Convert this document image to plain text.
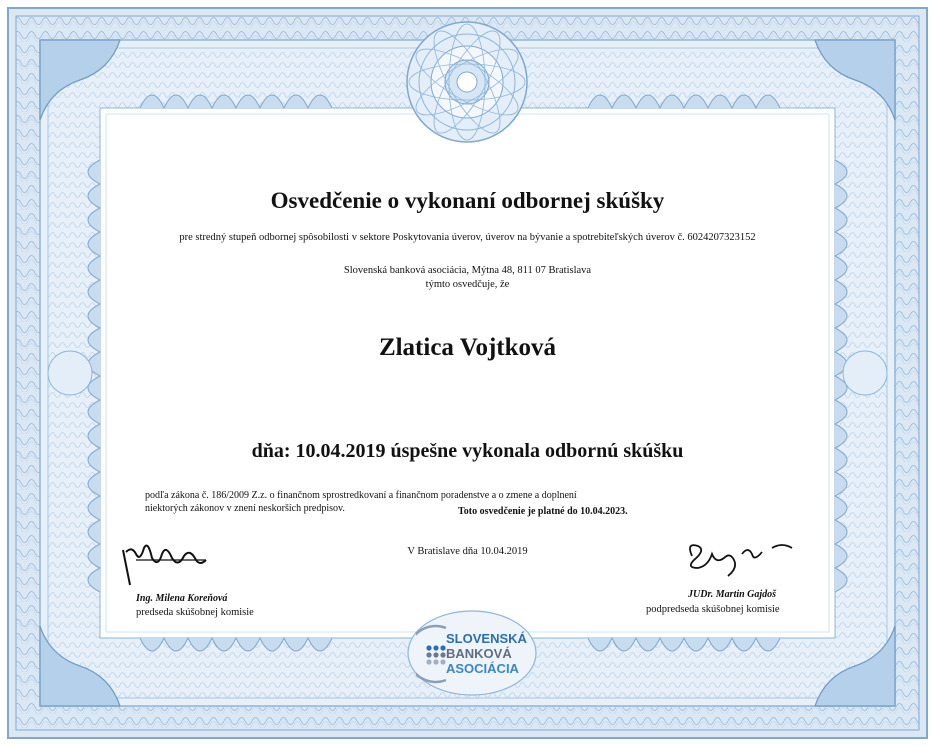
Osvedčenie o vykonaní odbornej skúšky
pre stredný stupeň odbornej spôsobilosti v sektore Poskytovania úverov, úverov na bývanie a spotrebiteľských úverov č. 6024207323152
Slovenská banková asociácia, Mýtna 48, 811 07 Bratislava
týmto osvedčuje, že
Zlatica Vojtková
dňa: 10.04.2019 úspešne vykonala odbornú skúšku
podľa zákona č. 186/2009 Z.z. o finančnom sprostredkovaní a finančnom poradenstve a o zmene a doplnení
niektorých zákonov v znení neskorších predpisov.	Toto osvedčenie je platné do 10.04.2023.
V Bratislave dňa 10.04.2019
Ing. Milena Koreňová
predseda skúšobnej komisie
JUDr. Martin Gajdoš
podpredseda skúšobnej komisie
SLOVENSKÁ
BANKOVÁ
ASOCIÁCIA
